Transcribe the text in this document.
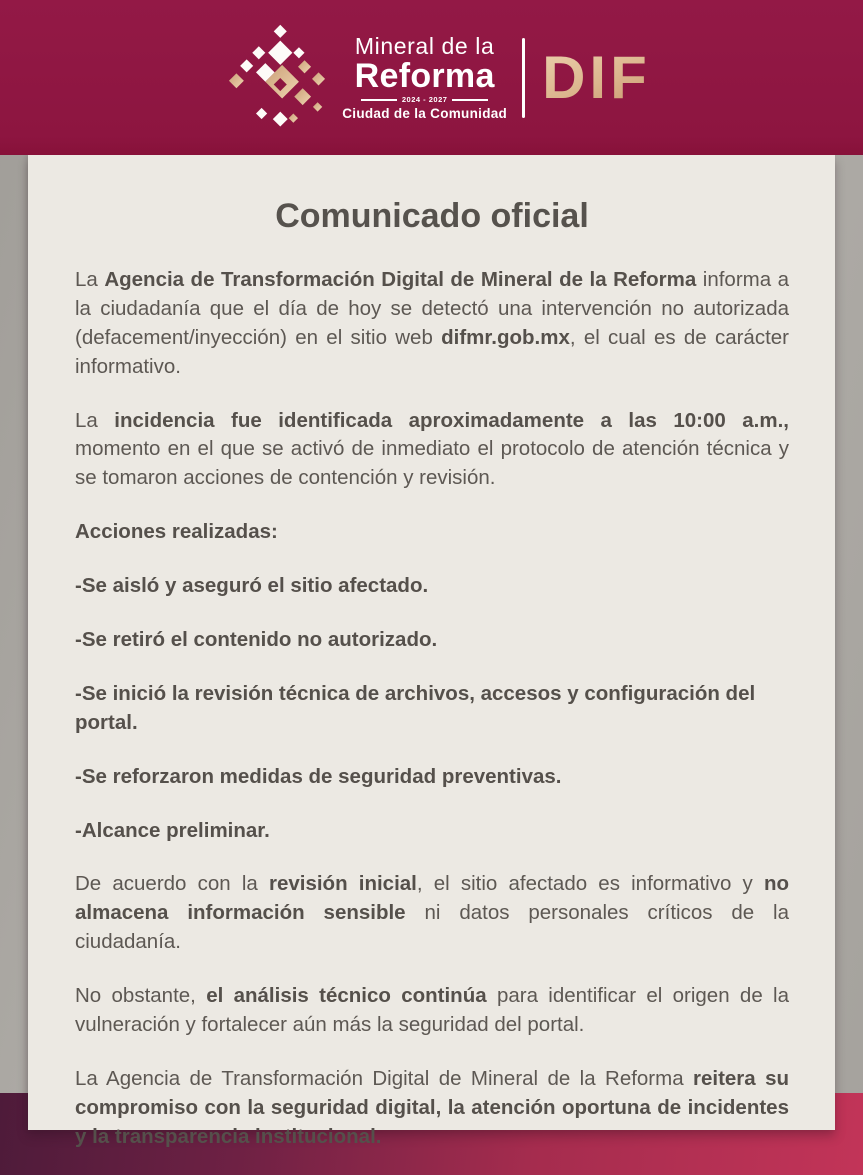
Mineral de la
Reforma
2024 - 2027
Ciudad de la Comunidad
DIF
Comunicado oficial

La Agencia de Transformación Digital de Mineral de la Reforma informa a la ciudadanía que el día de hoy se detectó una intervención no autorizada (defacement/inyección) en el sitio web difmr.gob.mx, el cual es de carácter informativo.

La incidencia fue identificada aproximadamente a las 10:00 a.m., momento en el que se activó de inmediato el protocolo de atención técnica y se tomaron acciones de contención y revisión.

Acciones realizadas:

-Se aisló y aseguró el sitio afectado.

-Se retiró el contenido no autorizado.

-Se inició la revisión técnica de archivos, accesos y configuración del portal.

-Se reforzaron medidas de seguridad preventivas.

-Alcance preliminar.

De acuerdo con la revisión inicial, el sitio afectado es informativo y no almacena información sensible ni datos personales críticos de la ciudadanía.

No obstante, el análisis técnico continúa para identificar el origen de la vulneración y fortalecer aún más la seguridad del portal.

La Agencia de Transformación Digital de Mineral de la Reforma reitera su compromiso con la seguridad digital, la atención oportuna de incidentes y la transparencia institucional.
